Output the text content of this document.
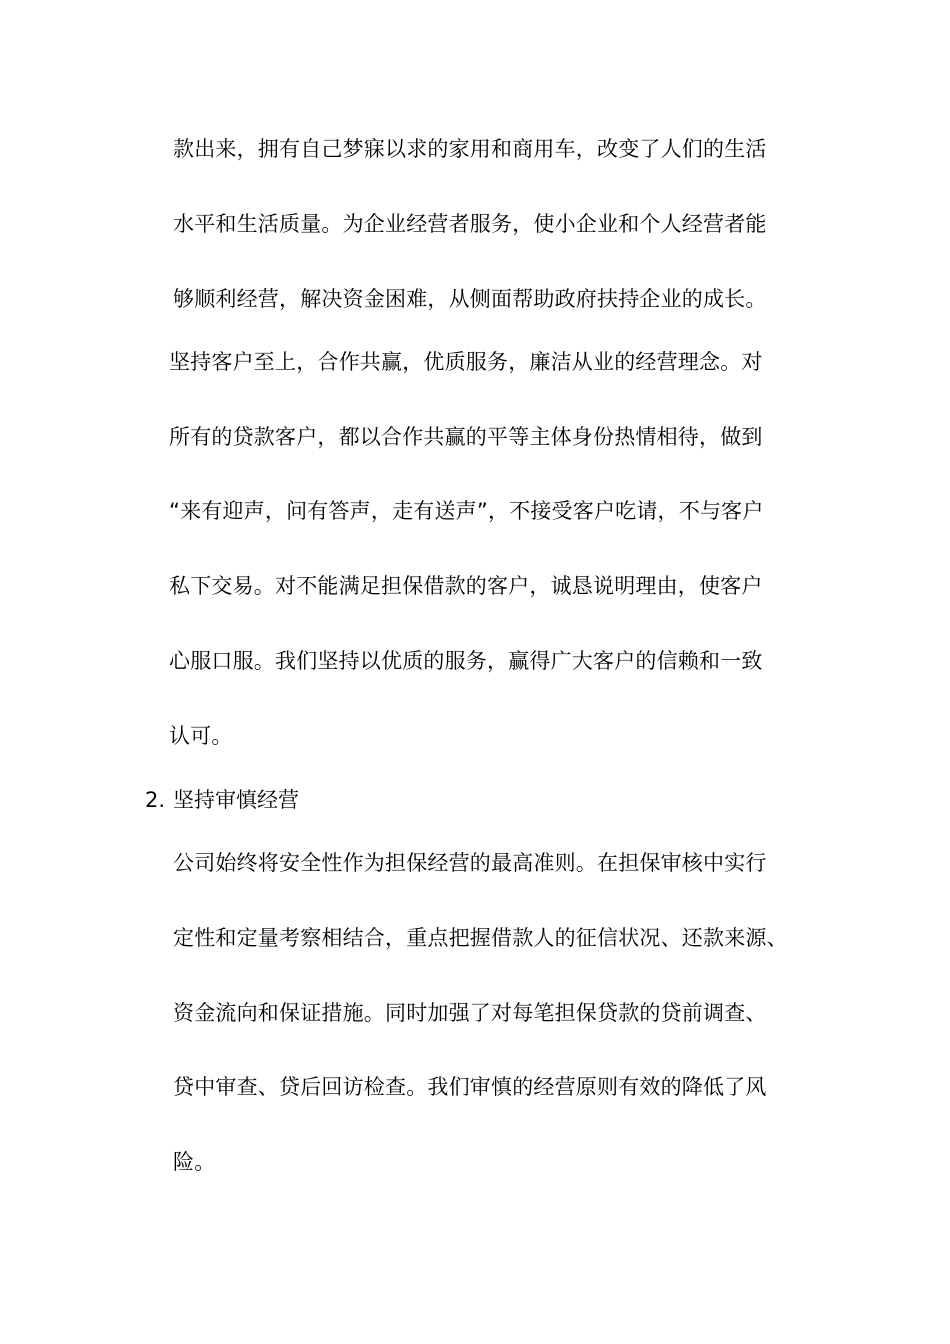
款出来，拥有自己梦寐以求的家用和商用车，改变了人们的生活
水平和生活质量。为企业经营者服务，使小企业和个人经营者能
够顺利经营，解决资金困难，从侧面帮助政府扶持企业的成长。
坚持客户至上，合作共赢，优质服务，廉洁从业的经营理念。对
所有的贷款客户，都以合作共赢的平等主体身份热情相待，做到
“来有迎声，问有答声，走有送声”，不接受客户吃请，不与客户
私下交易。对不能满足担保借款的客户，诚恳说明理由，使客户
心服口服。我们坚持以优质的服务，赢得广大客户的信赖和一致
认可。
2. 坚持审慎经营
公司始终将安全性作为担保经营的最高准则。在担保审核中实行
定性和定量考察相结合，重点把握借款人的征信状况、还款来源、
资金流向和保证措施。同时加强了对每笔担保贷款的贷前调查、
贷中审查、贷后回访检查。我们审慎的经营原则有效的降低了风
险。
